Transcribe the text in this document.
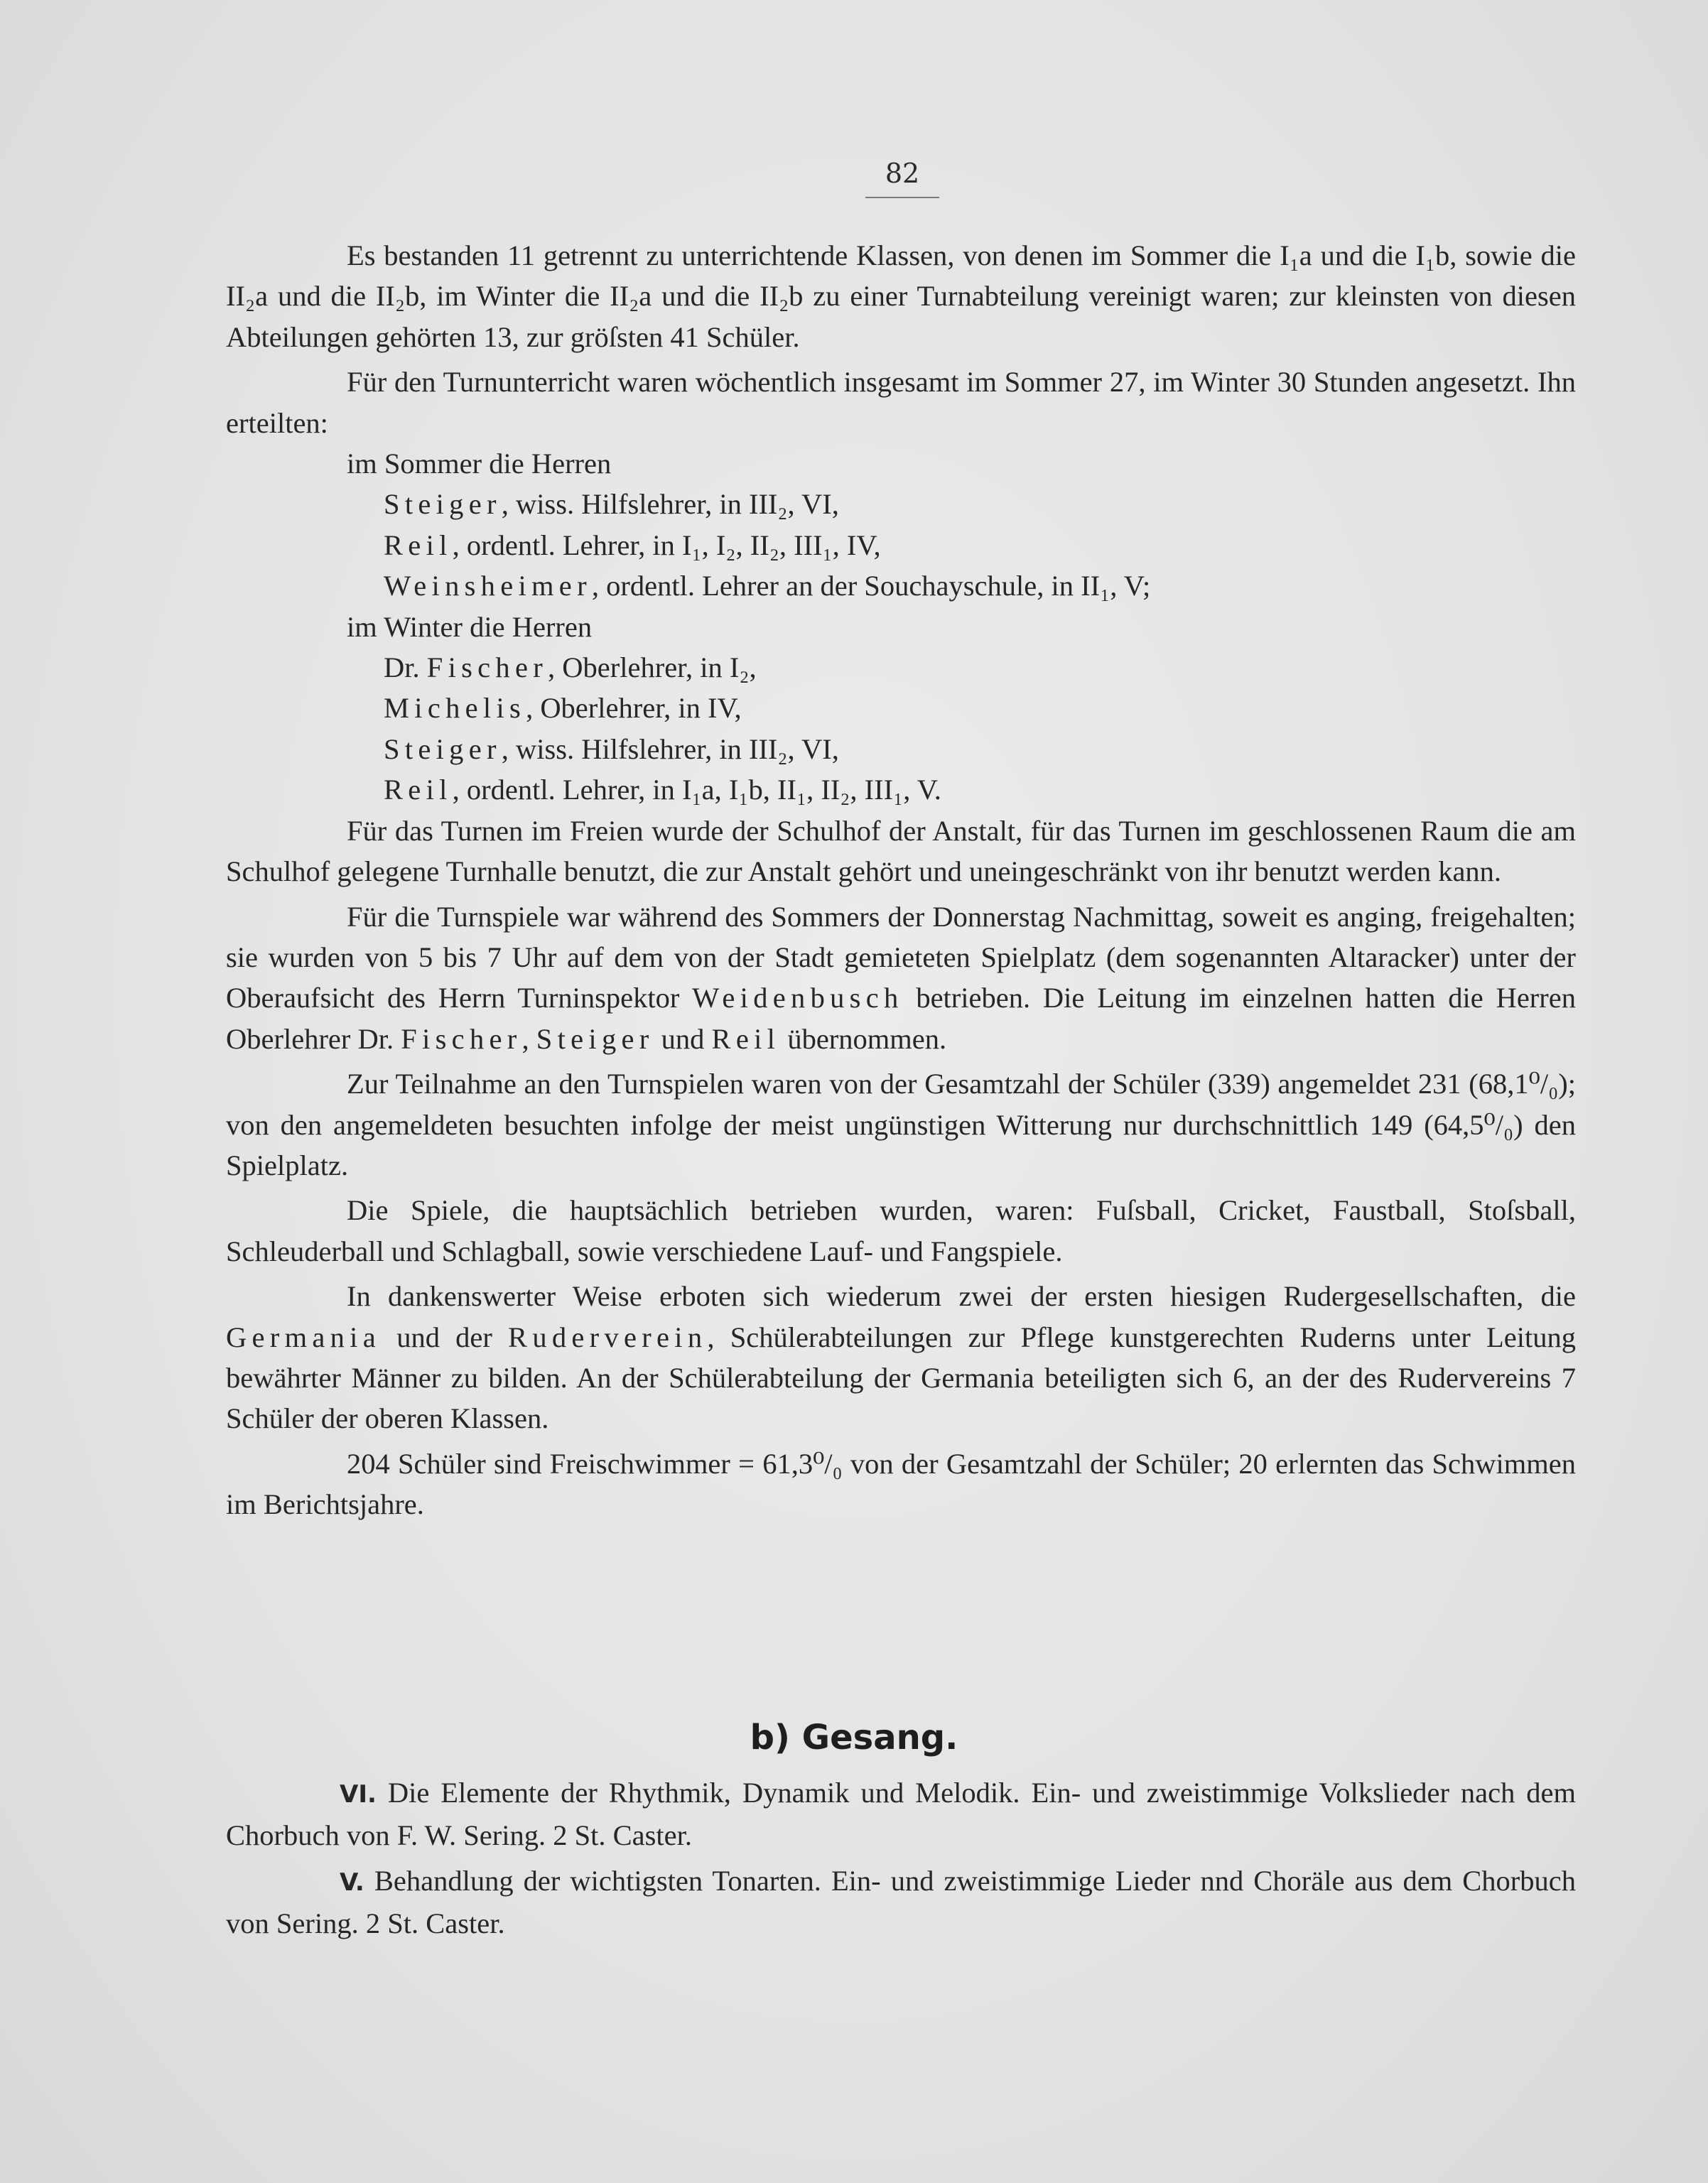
82

Es bestanden 11 getrennt zu unterrichtende Klassen, von denen im Sommer die I₁a und die I₁b, sowie die II₂a und die II₂b, im Winter die II₂a und die II₂b zu einer Turnabteilung vereinigt waren; zur kleinsten von diesen Abteilungen gehörten 13, zur gröſsten 41 Schüler.

Für den Turnunterricht waren wöchentlich insgesamt im Sommer 27, im Winter 30 Stunden angesetzt. Ihn erteilten:

im Sommer die Herren

Steiger, wiss. Hilfslehrer, in III₂, VI,

Reil, ordentl. Lehrer, in I₁, I₂, II₂, III₁, IV,

Weinsheimer, ordentl. Lehrer an der Souchayschule, in II₁, V;

im Winter die Herren

Dr. Fischer, Oberlehrer, in I₂,

Michelis, Oberlehrer, in IV,

Steiger, wiss. Hilfslehrer, in III₂, VI,

Reil, ordentl. Lehrer, in I₁a, I₁b, II₁, II₂, III₁, V.

Für das Turnen im Freien wurde der Schulhof der Anstalt, für das Turnen im geschlossenen Raum die am Schulhof gelegene Turnhalle benutzt, die zur Anstalt gehört und uneingeschränkt von ihr benutzt werden kann.

Für die Turnspiele war während des Sommers der Donnerstag Nachmittag, soweit es anging, freigehalten; sie wurden von 5 bis 7 Uhr auf dem von der Stadt gemieteten Spielplatz (dem sogenannten Altaracker) unter der Oberaufsicht des Herrn Turninspektor Weidenbusch betrieben. Die Leitung im einzelnen hatten die Herren Oberlehrer Dr. Fischer, Steiger und Reil übernommen.

Zur Teilnahme an den Turnspielen waren von der Gesamtzahl der Schüler (339) angemeldet 231 (68,1⁰/₀); von den angemeldeten besuchten infolge der meist ungünstigen Witterung nur durchschnittlich 149 (64,5⁰/₀) den Spielplatz.

Die Spiele, die hauptsächlich betrieben wurden, waren: Fuſsball, Cricket, Faustball, Stoſsball, Schleuderball und Schlagball, sowie verschiedene Lauf- und Fangspiele.

In dankenswerter Weise erboten sich wiederum zwei der ersten hiesigen Rudergesellschaften, die Germania und der Ruderverein, Schülerabteilungen zur Pflege kunstgerechten Ruderns unter Leitung bewährter Männer zu bilden. An der Schülerabteilung der Germania beteiligten sich 6, an der des Rudervereins 7 Schüler der oberen Klassen.

204 Schüler sind Freischwimmer = 61,3⁰/₀ von der Gesamtzahl der Schüler; 20 erlernten das Schwimmen im Berichtsjahre.

b) Gesang.

VI. Die Elemente der Rhythmik, Dynamik und Melodik. Ein- und zweistimmige Volkslieder nach dem Chorbuch von F. W. Sering. 2 St. Caster.

V. Behandlung der wichtigsten Tonarten. Ein- und zweistimmige Lieder nnd Choräle aus dem Chorbuch von Sering. 2 St. Caster.
